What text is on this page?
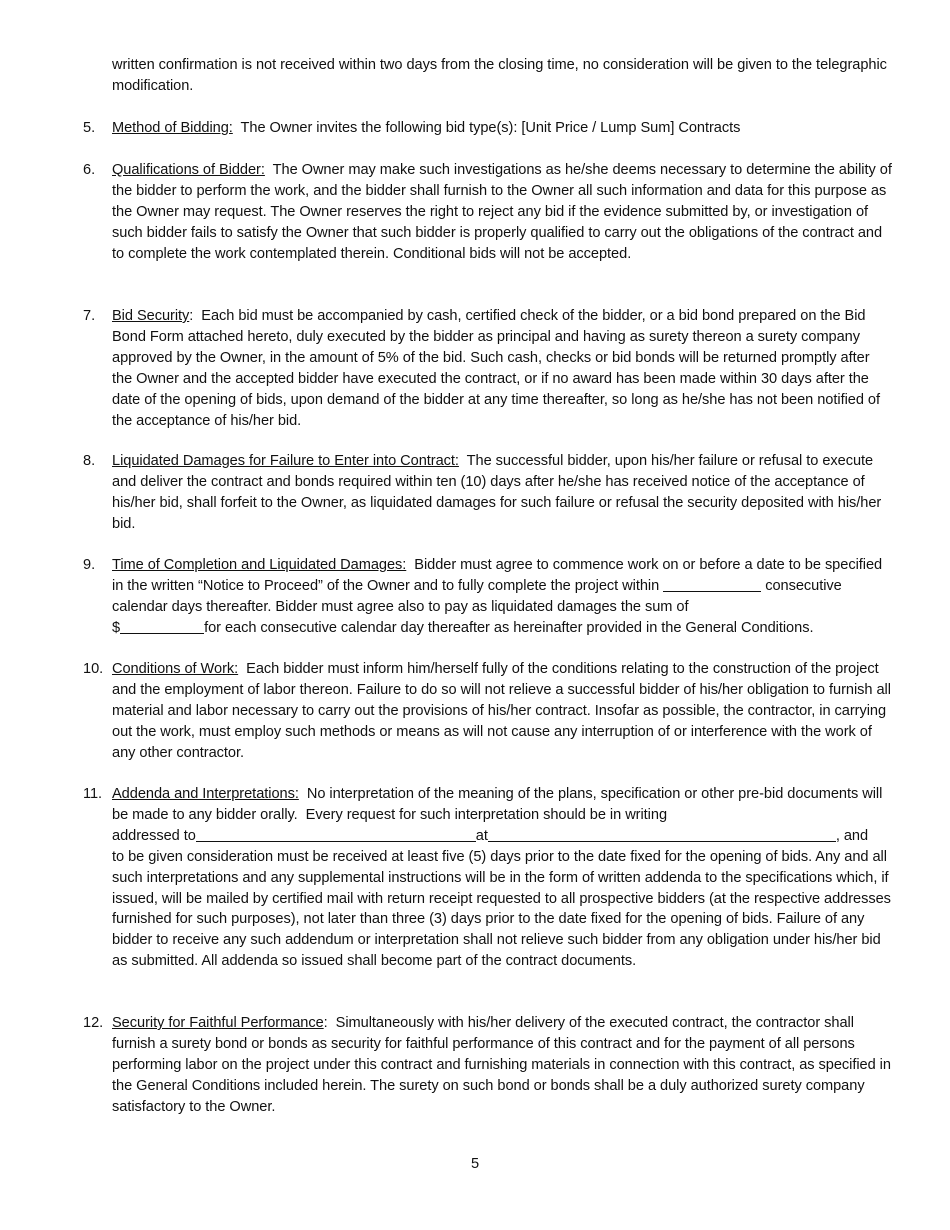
written confirmation is not received within two days from the closing time, no consideration will be given to the telegraphic modification.
5. Method of Bidding:  The Owner invites the following bid type(s): [Unit Price / Lump Sum] Contracts
6. Qualifications of Bidder:  The Owner may make such investigations as he/she deems necessary to determine the ability of the bidder to perform the work, and the bidder shall furnish to the Owner all such information and data for this purpose as the Owner may request. The Owner reserves the right to reject any bid if the evidence submitted by, or investigation of such bidder fails to satisfy the Owner that such bidder is properly qualified to carry out the obligations of the contract and to complete the work contemplated therein. Conditional bids will not be accepted.
7. Bid Security:  Each bid must be accompanied by cash, certified check of the bidder, or a bid bond prepared on the Bid Bond Form attached hereto, duly executed by the bidder as principal and having as surety thereon a surety company approved by the Owner, in the amount of 5% of the bid. Such cash, checks or bid bonds will be returned promptly after the Owner and the accepted bidder have executed the contract, or if no award has been made within 30 days after the date of the opening of bids, upon demand of the bidder at any time thereafter, so long as he/she has not been notified of the acceptance of his/her bid.
8. Liquidated Damages for Failure to Enter into Contract:  The successful bidder, upon his/her failure or refusal to execute and deliver the contract and bonds required within ten (10) days after he/she has received notice of the acceptance of his/her bid, shall forfeit to the Owner, as liquidated damages for such failure or refusal the security deposited with his/her bid.
9. Time of Completion and Liquidated Damages:  Bidder must agree to commence work on or before a date to be specified in the written “Notice to Proceed” of the Owner and to fully complete the project within	consecutive calendar days thereafter. Bidder must agree also to pay as liquidated damages the sum of
$	for each consecutive calendar day thereafter as hereinafter provided in the General Conditions.
10. Conditions of Work:  Each bidder must inform him/herself fully of the conditions relating to the construction of the project and the employment of labor thereon. Failure to do so will not relieve a successful bidder of his/her obligation to furnish all material and labor necessary to carry out the provisions of his/her contract. Insofar as possible, the contractor, in carrying out the work, must employ such methods or means as will not cause any interruption of or interference with the work of any other contractor.
11. Addenda and Interpretations:  No interpretation of the meaning of the plans, specification or other pre-bid documents will be made to any bidder orally.  Every request for such interpretation should be in writing
addressed to	at	, and
to be given consideration must be received at least five (5) days prior to the date fixed for the opening of bids. Any and all such interpretations and any supplemental instructions will be in the form of written addenda to the specifications which, if issued, will be mailed by certified mail with return receipt requested to all prospective bidders (at the respective addresses furnished for such purposes), not later than three (3) days prior to the date fixed for the opening of bids. Failure of any bidder to receive any such addendum or interpretation shall not relieve such bidder from any obligation under his/her bid as submitted. All addenda so issued shall become part of the contract documents.
12. Security for Faithful Performance:  Simultaneously with his/her delivery of the executed contract, the contractor shall furnish a surety bond or bonds as security for faithful performance of this contract and for the payment of all persons performing labor on the project under this contract and furnishing materials in connection with this contract, as specified in the General Conditions included herein. The surety on such bond or bonds shall be a duly authorized surety company satisfactory to the Owner.
5
